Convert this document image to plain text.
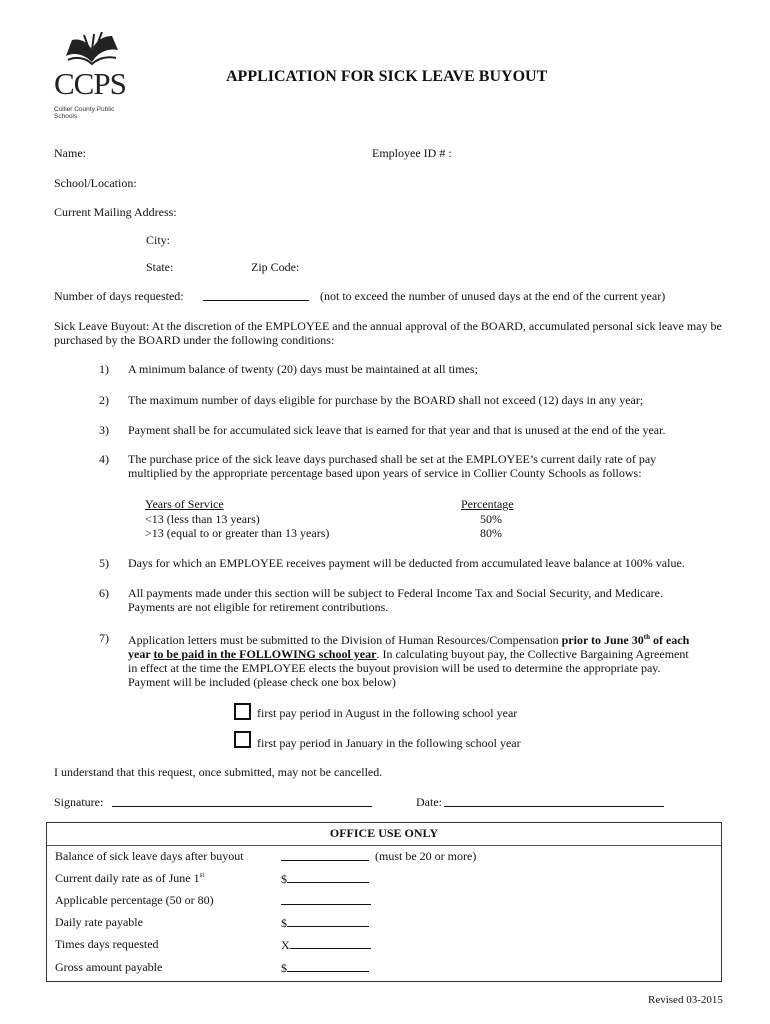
CCPS
Collier County Public Schools
APPLICATION FOR SICK LEAVE BUYOUT
Name:	Employee ID # :
School/Location:
Current Mailing Address:
City:
State:	Zip Code:
Number of days requested:	(not to exceed the number of unused days at the end of the current year)
Sick Leave Buyout: At the discretion of the EMPLOYEE and the annual approval of the BOARD, accumulated personal sick leave may be purchased by the BOARD under the following conditions:
1) A minimum balance of twenty (20) days must be maintained at all times;
2) The maximum number of days eligible for purchase by the BOARD shall not exceed (12) days in any year;
3) Payment shall be for accumulated sick leave that is earned for that year and that is unused at the end of the year.
4) The purchase price of the sick leave days purchased shall be set at the EMPLOYEE’s current daily rate of pay multiplied by the appropriate percentage based upon years of service in Collier County Schools as follows:
Years of Service	Percentage
<13 (less than 13 years)	50%
>13 (equal to or greater than 13 years)	80%
5) Days for which an EMPLOYEE receives payment will be deducted from accumulated leave balance at 100% value.
6) All payments made under this section will be subject to Federal Income Tax and Social Security, and Medicare. Payments are not eligible for retirement contributions.
7) Application letters must be submitted to the Division of Human Resources/Compensation prior to June 30th of each year to be paid in the FOLLOWING school year. In calculating buyout pay, the Collective Bargaining Agreement in effect at the time the EMPLOYEE elects the buyout provision will be used to determine the appropriate pay. Payment will be included (please check one box below)
first pay period in August in the following school year
first pay period in January in the following school year
I understand that this request, once submitted, may not be cancelled.
Signature:	Date:
OFFICE USE ONLY
Balance of sick leave days after buyout	(must be 20 or more)
Current daily rate as of June 1st	$
Applicable percentage (50 or 80)
Daily rate payable	$
Times days requested	X
Gross amount payable	$
Revised 03-2015
